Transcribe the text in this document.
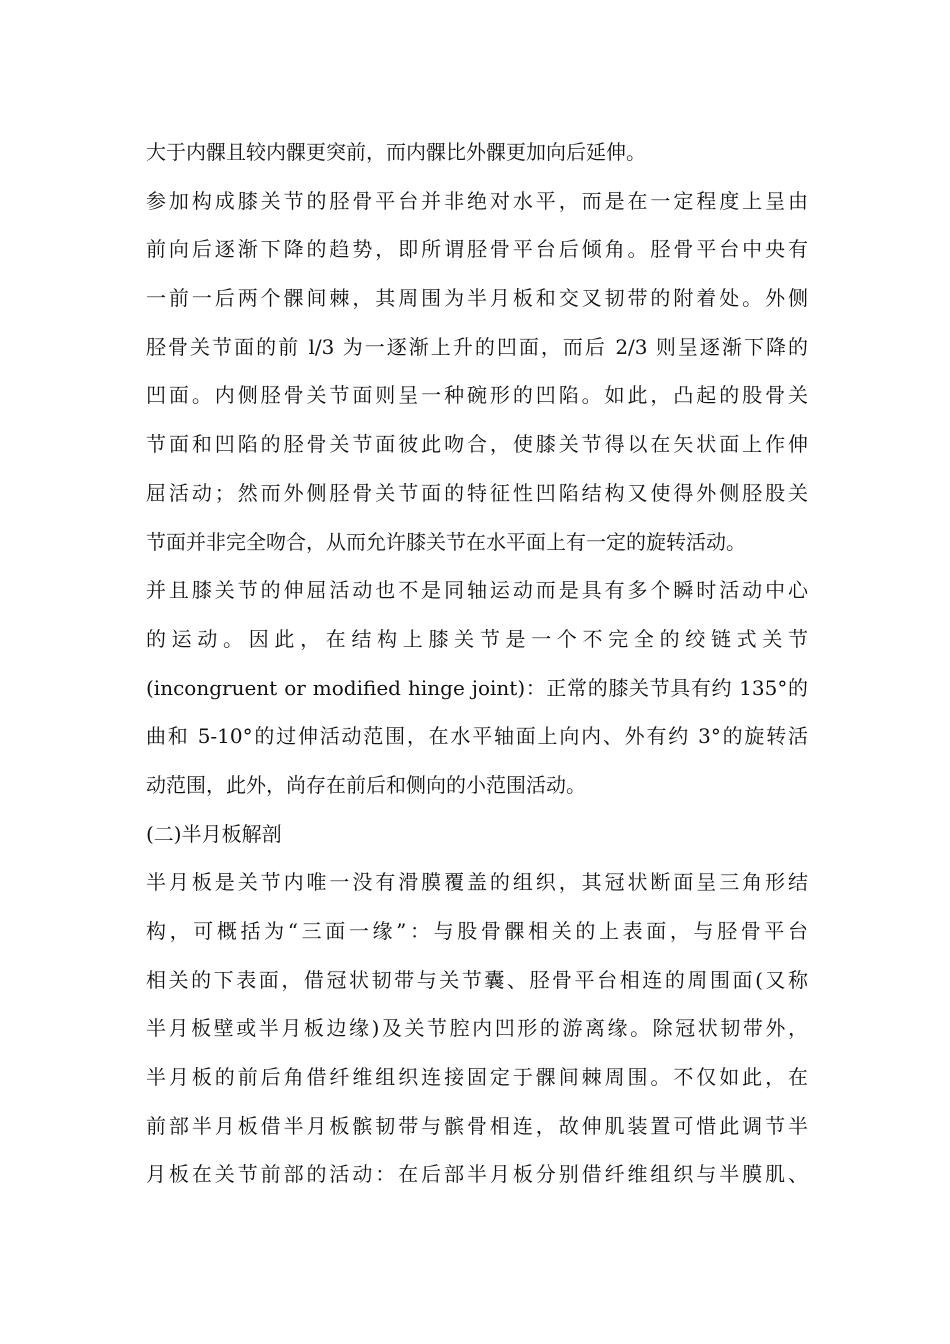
大于内髁且较内髁更突前，而内髁比外髁更加向后延伸。
参加构成膝关节的胫骨平台并非绝对水平，而是在一定程度上呈由
前向后逐渐下降的趋势，即所谓胫骨平台后倾角。胫骨平台中央有
一前一后两个髁间棘，其周围为半月板和交叉韧带的附着处。外侧
胫骨关节面的前 l/3 为一逐渐上升的凹面，而后 2/3 则呈逐渐下降的
凹面。内侧胫骨关节面则呈一种碗形的凹陷。如此，凸起的股骨关
节面和凹陷的胫骨关节面彼此吻合，使膝关节得以在矢状面上作伸
屈活动；然而外侧胫骨关节面的特征性凹陷结构又使得外侧胫股关
节面并非完全吻合，从而允许膝关节在水平面上有一定的旋转活动。
并且膝关节的伸屈活动也不是同轴运动而是具有多个瞬时活动中心
的运动。因此，在结构上膝关节是一个不完全的绞链式关节
(incongruent or modified hinge joint)：正常的膝关节具有约 135°的
曲和 5-10°的过伸活动范围，在水平轴面上向内、外有约 3°的旋转活
动范围，此外，尚存在前后和侧向的小范围活动。
(二)半月板解剖
半月板是关节内唯一没有滑膜覆盖的组织，其冠状断面呈三角形结
构，可概括为“三面一缘”：与股骨髁相关的上表面，与胫骨平台
相关的下表面，借冠状韧带与关节囊、胫骨平台相连的周围面(又称
半月板壁或半月板边缘)及关节腔内凹形的游离缘。除冠状韧带外，
半月板的前后角借纤维组织连接固定于髁间棘周围。不仅如此，在
前部半月板借半月板髌韧带与髌骨相连，故伸肌装置可惜此调节半
月板在关节前部的活动：在后部半月板分别借纤维组织与半膜肌、
